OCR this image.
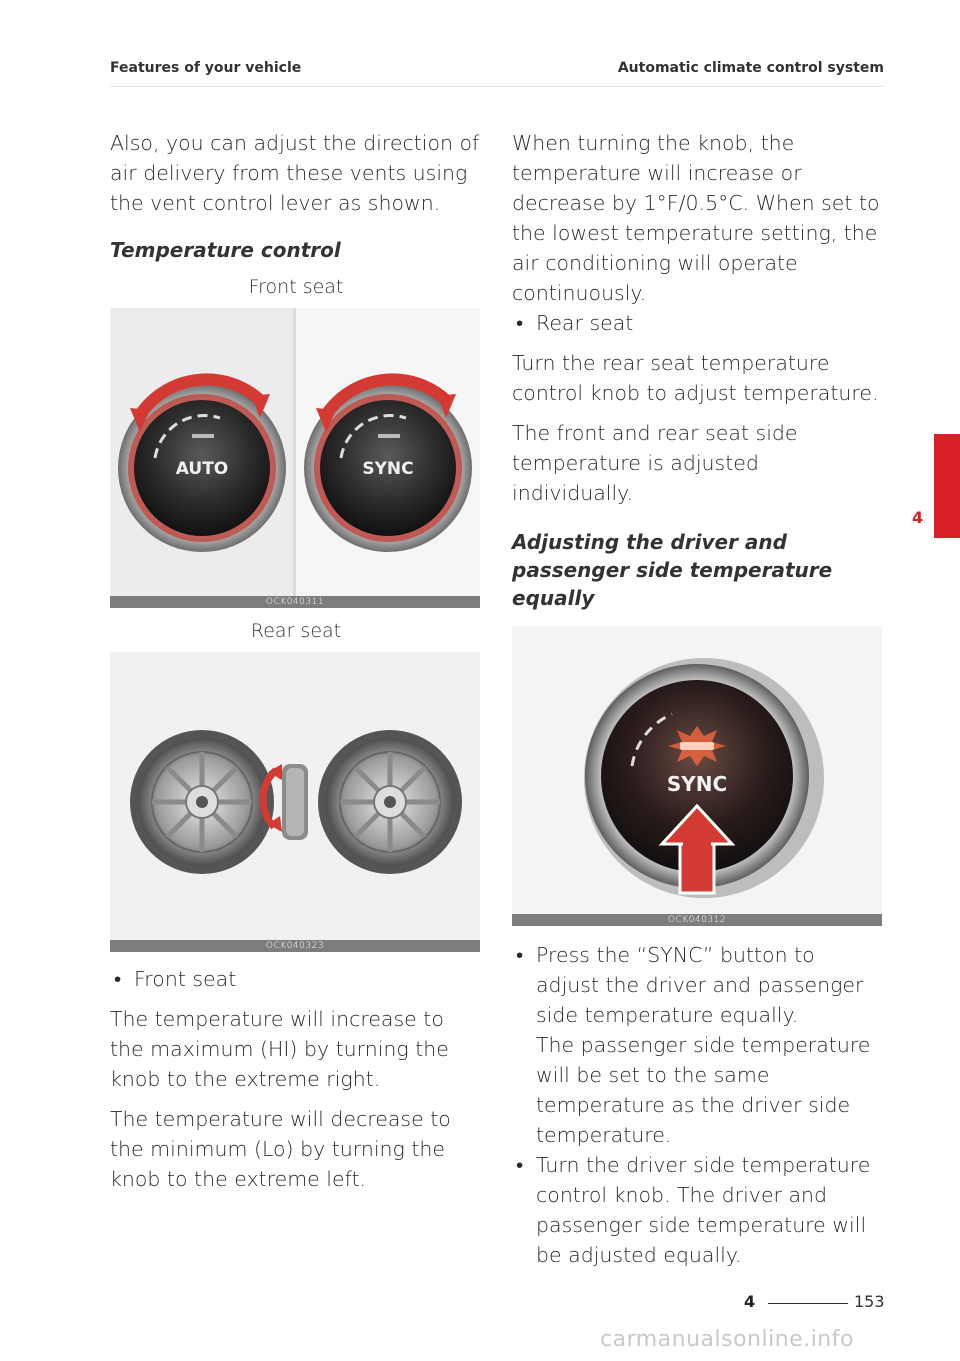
Features of your vehicle	Automatic climate control system

Also, you can adjust the direction of air delivery from these vents using the vent control lever as shown.

Temperature control
Front seat
AUTO	SYNC
OCK040311
Rear seat
OCK040323
• Front seat

The temperature will increase to the maximum (HI) by turning the knob to the extreme right.

The temperature will decrease to the minimum (Lo) by turning the knob to the extreme left.

When turning the knob, the temperature will increase or decrease by 1°F/0.5°C. When set to the lowest temperature setting, the air conditioning will operate continuously.

• Rear seat

Turn the rear seat temperature control knob to adjust temperature.

The front and rear seat side temperature is adjusted individually.

Adjusting the driver and passenger side temperature equally
SYNC
OCK040312
• Press the “SYNC” button to adjust the driver and passenger side temperature equally.
The passenger side temperature will be set to the same temperature as the driver side temperature.
• Turn the driver side temperature control knob. The driver and passenger side temperature will be adjusted equally.
4
4	153
carmanualsonline.info
